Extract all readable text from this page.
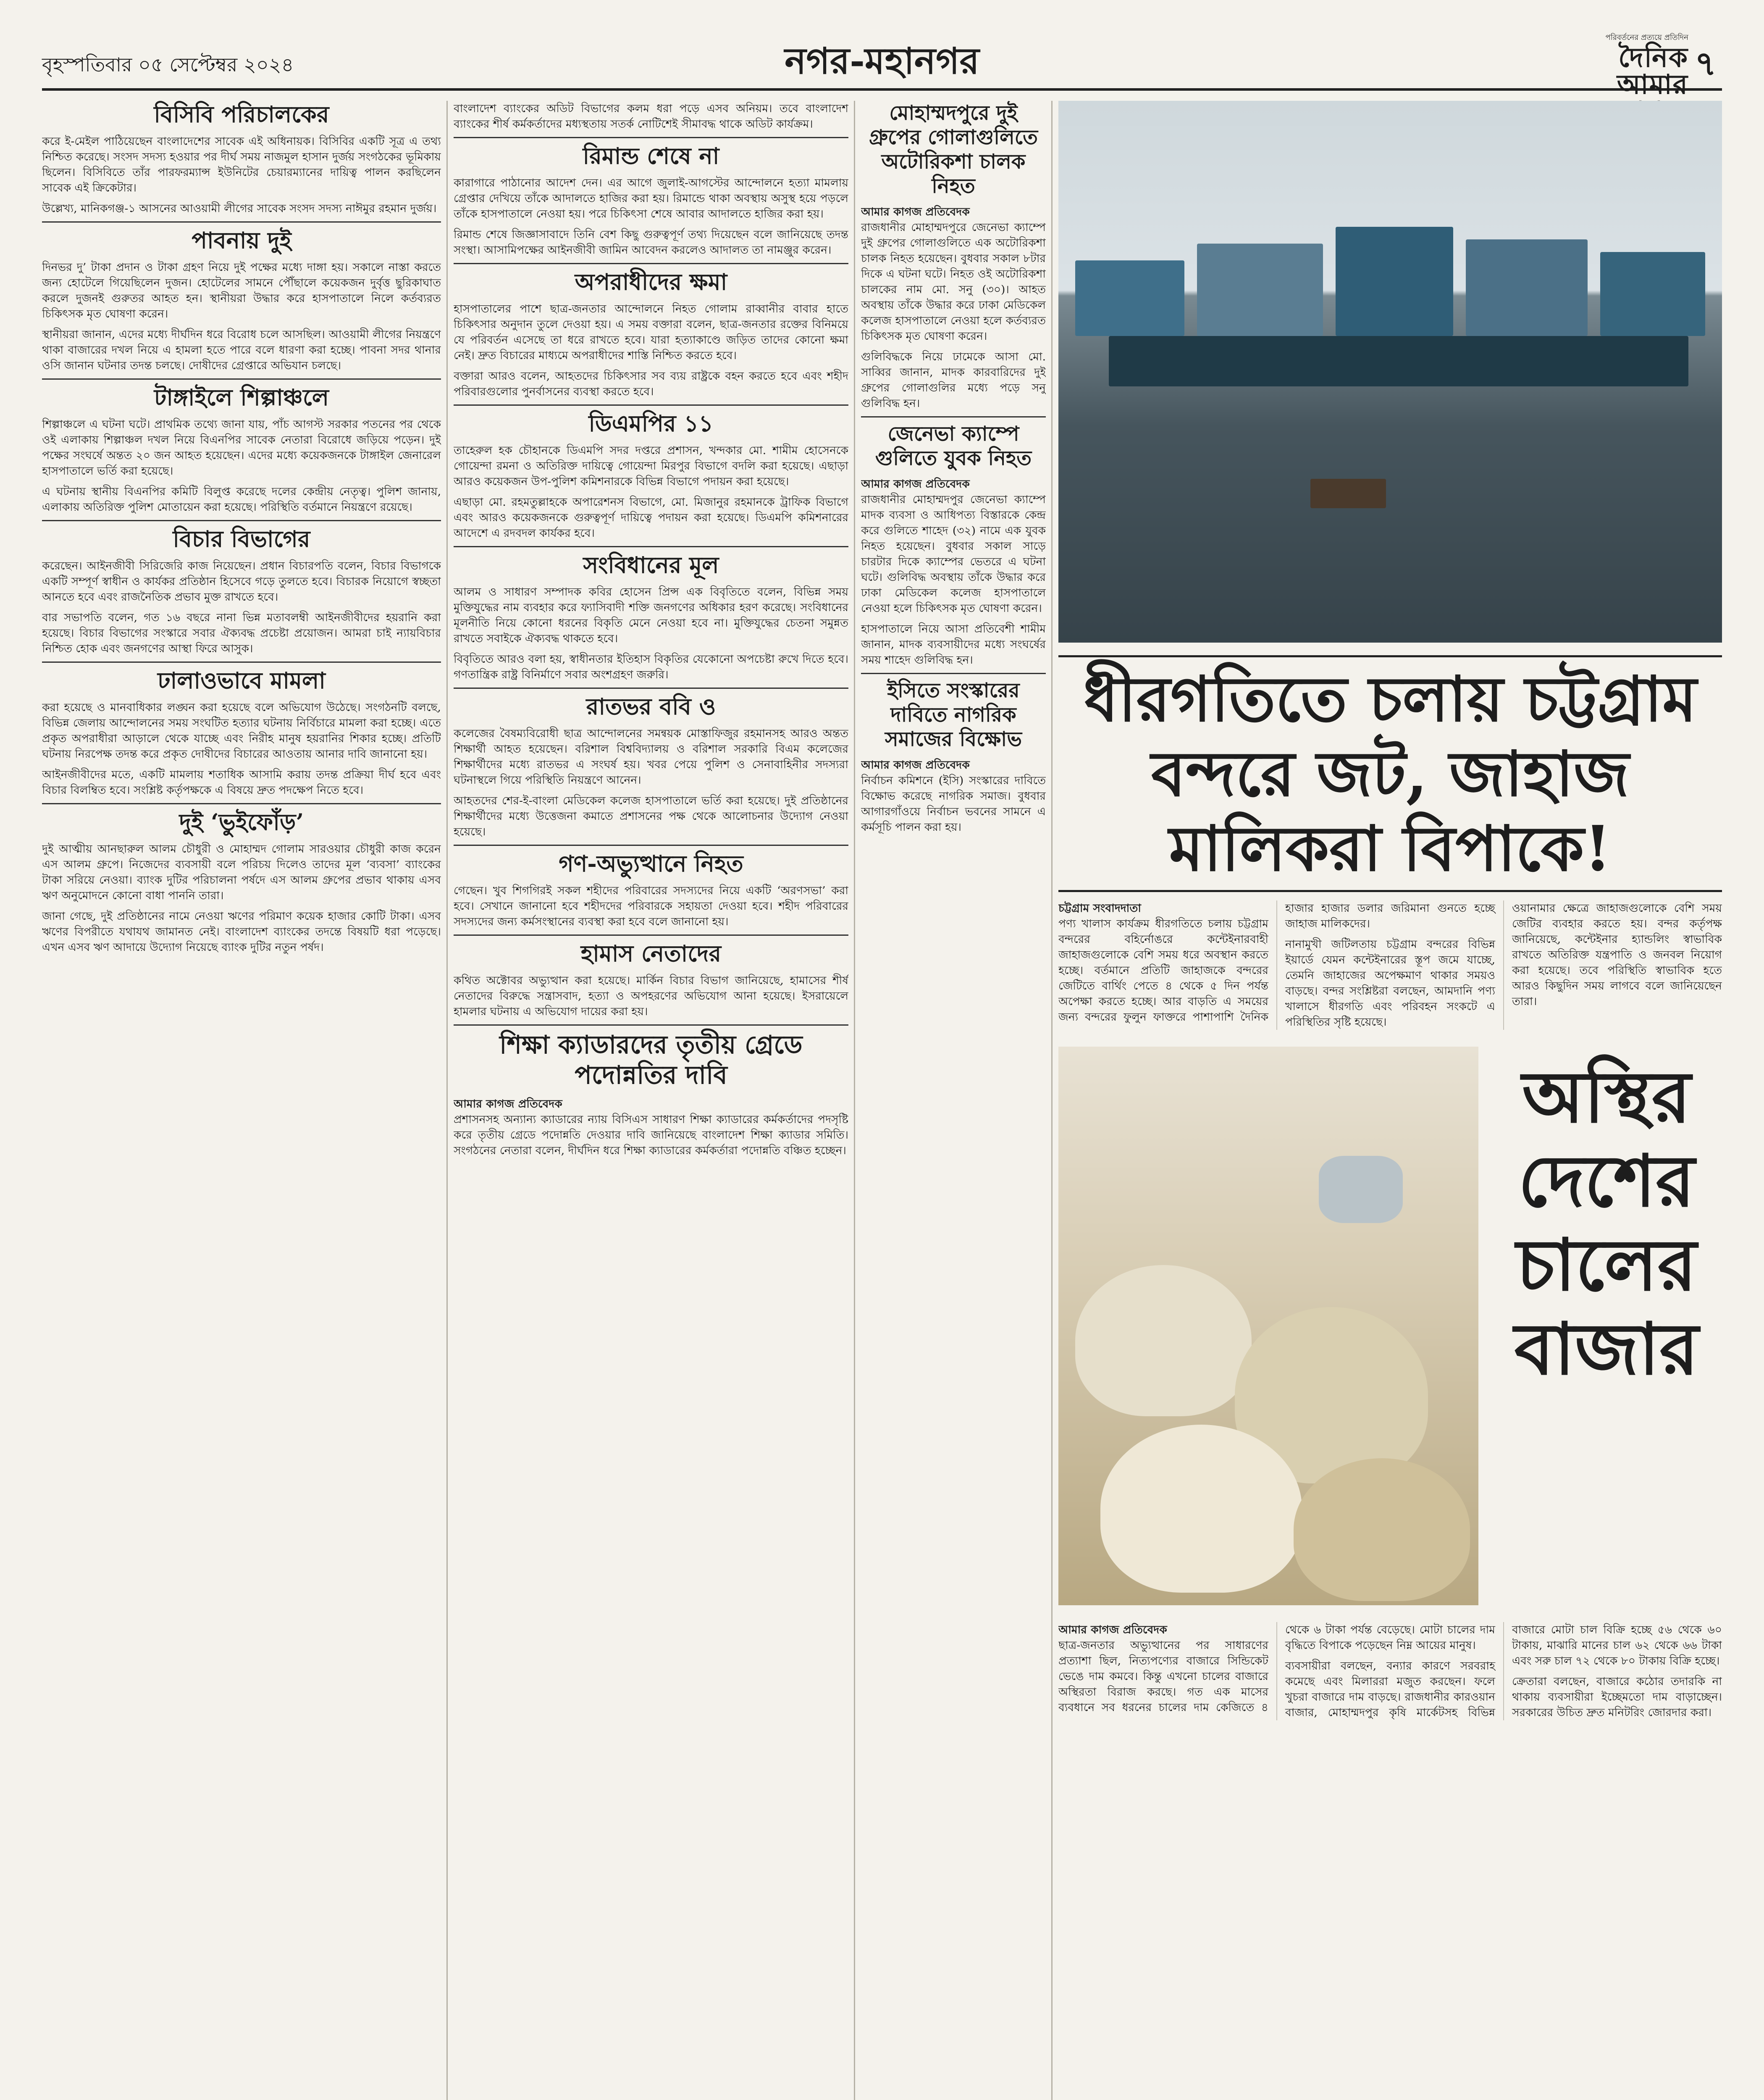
বৃহস্পতিবার ০৫ সেপ্টেম্বর ২০২৪	নগর-মহানগর
পরিবর্তনের প্রত্যয়ে প্রতিদিন
দৈনিক আমার
৭
বিসিবি পরিচালকের

করে ই-মেইল পাঠিয়েছেন বাংলাদেশের সাবেক এই অধিনায়ক। বিসিবির একটি সূত্র এ তথ্য নিশ্চিত করেছে। সংসদ সদস্য হওয়ার পর দীর্ঘ সময় নাজমুল হাসান দুর্জয় সংগঠকের ভূমিকায় ছিলেন। বিসিবিতে তাঁর পারফরম্যান্স ইউনিটের চেয়ারম্যানের দায়িত্ব পালন করছিলেন সাবেক এই ক্রিকেটার।

উল্লেখ্য, মানিকগঞ্জ-১ আসনের আওয়ামী লীগের সাবেক সংসদ সদস্য নাঈমুর রহমান দুর্জয়।

পাবনায় দুই

দিনভর দু’ টাকা প্রদান ও টাকা গ্রহণ নিয়ে দুই পক্ষের মধ্যে দাঙ্গা হয়। সকালে নাস্তা করতে জন্য হোটেলে গিয়েছিলেন দুজন। হোটেলের সামনে পৌঁছালে কয়েকজন দুর্বৃত্ত ছুরিকাঘাত করলে দুজনই গুরুতর আহত হন। স্থানীয়রা উদ্ধার করে হাসপাতালে নিলে কর্তব্যরত চিকিৎসক মৃত ঘোষণা করেন।

স্থানীয়রা জানান, এদের মধ্যে দীর্ঘদিন ধরে বিরোধ চলে আসছিল। আওয়ামী লীগের নিয়ন্ত্রণে থাকা বাজারের দখল নিয়ে এ হামলা হতে পারে বলে ধারণা করা হচ্ছে। পাবনা সদর থানার ওসি জানান ঘটনার তদন্ত চলছে। দোষীদের গ্রেপ্তারে অভিযান চলছে।

টাঙ্গাইলে শিল্পাঞ্চলে

শিল্পাঞ্চলে এ ঘটনা ঘটে। প্রাথমিক তথ্যে জানা যায়, পাঁচ আগস্ট সরকার পতনের পর থেকে ওই এলাকায় শিল্পাঞ্চল দখল নিয়ে বিএনপির সাবেক নেতারা বিরোধে জড়িয়ে পড়েন। দুই পক্ষের সংঘর্ষে অন্তত ২০ জন আহত হয়েছেন। এদের মধ্যে কয়েকজনকে টাঙ্গাইল জেনারেল হাসপাতালে ভর্তি করা হয়েছে।

এ ঘটনায় স্থানীয় বিএনপির কমিটি বিলুপ্ত করেছে দলের কেন্দ্রীয় নেতৃত্ব। পুলিশ জানায়, এলাকায় অতিরিক্ত পুলিশ মোতায়েন করা হয়েছে। পরিস্থিতি বর্তমানে নিয়ন্ত্রণে রয়েছে।

বিচার বিভাগের

করেছেন। আইনজীবী সিরিজেরি কাজ নিয়েছেন। প্রধান বিচারপতি বলেন, বিচার বিভাগকে একটি সম্পূর্ণ স্বাধীন ও কার্যকর প্রতিষ্ঠান হিসেবে গড়ে তুলতে হবে। বিচারক নিয়োগে স্বচ্ছতা আনতে হবে এবং রাজনৈতিক প্রভাব মুক্ত রাখতে হবে।

বার সভাপতি বলেন, গত ১৬ বছরে নানা ভিন্ন মতাবলম্বী আইনজীবীদের হয়রানি করা হয়েছে। বিচার বিভাগের সংস্কারে সবার ঐক্যবদ্ধ প্রচেষ্টা প্রয়োজন। আমরা চাই ন্যায়বিচার নিশ্চিত হোক এবং জনগণের আস্থা ফিরে আসুক।

ঢালাওভাবে মামলা

করা হয়েছে ও মানবাধিকার লঙ্ঘন করা হয়েছে বলে অভিযোগ উঠেছে। সংগঠনটি বলছে, বিভিন্ন জেলায় আন্দোলনের সময় সংঘটিত হত্যার ঘটনায় নির্বিচারে মামলা করা হচ্ছে। এতে প্রকৃত অপরাধীরা আড়ালে থেকে যাচ্ছে এবং নিরীহ মানুষ হয়রানির শিকার হচ্ছে। প্রতিটি ঘটনায় নিরপেক্ষ তদন্ত করে প্রকৃত দোষীদের বিচারের আওতায় আনার দাবি জানানো হয়।

আইনজীবীদের মতে, একটি মামলায় শতাধিক আসামি করায় তদন্ত প্রক্রিয়া দীর্ঘ হবে এবং বিচার বিলম্বিত হবে। সংশ্লিষ্ট কর্তৃপক্ষকে এ বিষয়ে দ্রুত পদক্ষেপ নিতে হবে।

দুই ‘ভুইফোঁড়’

দুই আত্মীয় আনছারুল আলম চৌধুরী ও মোহাম্মদ গোলাম সারওয়ার চৌধুরী কাজ করেন এস আলম গ্রুপে। নিজেদের ব্যবসায়ী বলে পরিচয় দিলেও তাদের মূল ‘ব্যবসা’ ব্যাংকের টাকা সরিয়ে নেওয়া। ব্যাংক দুটির পরিচালনা পর্ষদে এস আলম গ্রুপের প্রভাব থাকায় এসব ঋণ অনুমোদনে কোনো বাধা পাননি তারা।

জানা গেছে, দুই প্রতিষ্ঠানের নামে নেওয়া ঋণের পরিমাণ কয়েক হাজার কোটি টাকা। এসব ঋণের বিপরীতে যথাযথ জামানত নেই। বাংলাদেশ ব্যাংকের তদন্তে বিষয়টি ধরা পড়েছে। এখন এসব ঋণ আদায়ে উদ্যোগ নিয়েছে ব্যাংক দুটির নতুন পর্ষদ।

বাংলাদেশ ব্যাংকের অডিট বিভাগের কলম ধরা পড়ে এসব অনিয়ম। তবে বাংলাদেশ ব্যাংকের শীর্ষ কর্মকর্তাদের মধ্যস্থতায় সতর্ক নোটিশেই সীমাবদ্ধ থাকে অডিট কার্যক্রম।

রিমান্ড শেষে না

কারাগারে পাঠানোর আদেশ দেন। এর আগে জুলাই-আগস্টের আন্দোলনে হত্যা মামলায় গ্রেপ্তার দেখিয়ে তাঁকে আদালতে হাজির করা হয়। রিমান্ডে থাকা অবস্থায় অসুস্থ হয়ে পড়লে তাঁকে হাসপাতালে নেওয়া হয়। পরে চিকিৎসা শেষে আবার আদালতে হাজির করা হয়।

রিমান্ড শেষে জিজ্ঞাসাবাদে তিনি বেশ কিছু গুরুত্বপূর্ণ তথ্য দিয়েছেন বলে জানিয়েছে তদন্ত সংস্থা। আসামিপক্ষের আইনজীবী জামিন আবেদন করলেও আদালত তা নামঞ্জুর করেন।

অপরাধীদের ক্ষমা

হাসপাতালের পাশে ছাত্র-জনতার আন্দোলনে নিহত গোলাম রাব্বানীর বাবার হাতে চিকিৎসার অনুদান তুলে দেওয়া হয়। এ সময় বক্তারা বলেন, ছাত্র-জনতার রক্তের বিনিময়ে যে পরিবর্তন এসেছে তা ধরে রাখতে হবে। যারা হত্যাকাণ্ডে জড়িত তাদের কোনো ক্ষমা নেই। দ্রুত বিচারের মাধ্যমে অপরাধীদের শাস্তি নিশ্চিত করতে হবে।

বক্তারা আরও বলেন, আহতদের চিকিৎসার সব ব্যয় রাষ্ট্রকে বহন করতে হবে এবং শহীদ পরিবারগুলোর পুনর্বাসনের ব্যবস্থা করতে হবে।

ডিএমপির ১১

তাহেরুল হক চৌহানকে ডিএমপি সদর দপ্তরে প্রশাসন, খন্দকার মো. শামীম হোসেনকে গোয়েন্দা রমনা ও অতিরিক্ত দায়িত্বে গোয়েন্দা মিরপুর বিভাগে বদলি করা হয়েছে। এছাড়া আরও কয়েকজন উপ-পুলিশ কমিশনারকে বিভিন্ন বিভাগে পদায়ন করা হয়েছে।

এছাড়া মো. রহমতুল্লাহকে অপারেশনস বিভাগে, মো. মিজানুর রহমানকে ট্রাফিক বিভাগে এবং আরও কয়েকজনকে গুরুত্বপূর্ণ দায়িত্বে পদায়ন করা হয়েছে। ডিএমপি কমিশনারের আদেশে এ রদবদল কার্যকর হবে।

সংবিধানের মূল

আলম ও সাধারণ সম্পাদক কবির হোসেন প্রিন্স এক বিবৃতিতে বলেন, বিভিন্ন সময় মুক্তিযুদ্ধের নাম ব্যবহার করে ফ্যাসিবাদী শক্তি জনগণের অধিকার হরণ করেছে। সংবিধানের মূলনীতি নিয়ে কোনো ধরনের বিকৃতি মেনে নেওয়া হবে না। মুক্তিযুদ্ধের চেতনা সমুন্নত রাখতে সবাইকে ঐক্যবদ্ধ থাকতে হবে।

বিবৃতিতে আরও বলা হয়, স্বাধীনতার ইতিহাস বিকৃতির যেকোনো অপচেষ্টা রুখে দিতে হবে। গণতান্ত্রিক রাষ্ট্র বিনির্মাণে সবার অংশগ্রহণ জরুরি।

রাতভর ববি ও

কলেজের বৈষম্যবিরোধী ছাত্র আন্দোলনের সমন্বয়ক মোস্তাফিজুর রহমানসহ আরও অন্তত শিক্ষার্থী আহত হয়েছেন। বরিশাল বিশ্ববিদ্যালয় ও বরিশাল সরকারি বিএম কলেজের শিক্ষার্থীদের মধ্যে রাতভর এ সংঘর্ষ হয়। খবর পেয়ে পুলিশ ও সেনাবাহিনীর সদস্যরা ঘটনাস্থলে গিয়ে পরিস্থিতি নিয়ন্ত্রণে আনেন।

আহতদের শের-ই-বাংলা মেডিকেল কলেজ হাসপাতালে ভর্তি করা হয়েছে। দুই প্রতিষ্ঠানের শিক্ষার্থীদের মধ্যে উত্তেজনা কমাতে প্রশাসনের পক্ষ থেকে আলোচনার উদ্যোগ নেওয়া হয়েছে।

গণ-অভ্যুত্থানে নিহত

গেছেন। খুব শিগগিরই সকল শহীদের পরিবারের সদস্যদের নিয়ে একটি ‘অরণসভা’ করা হবে। সেখানে জানানো হবে শহীদদের পরিবারকে সহায়তা দেওয়া হবে। শহীদ পরিবারের সদস্যদের জন্য কর্মসংস্থানের ব্যবস্থা করা হবে বলে জানানো হয়।

হামাস নেতাদের

কথিত অক্টোবর অভ্যুত্থান করা হয়েছে। মার্কিন বিচার বিভাগ জানিয়েছে, হামাসের শীর্ষ নেতাদের বিরুদ্ধে সন্ত্রাসবাদ, হত্যা ও অপহরণের অভিযোগ আনা হয়েছে। ইসরায়েলে হামলার ঘটনায় এ অভিযোগ দায়ের করা হয়।

শিক্ষা ক্যাডারদের তৃতীয় গ্রেডে পদোন্নতির দাবি

আমার কাগজ প্রতিবেদক

প্রশাসনসহ অন্যান্য ক্যাডারের ন্যায় বিসিএস সাধারণ শিক্ষা ক্যাডারের কর্মকর্তাদের পদসৃষ্টি করে তৃতীয় গ্রেডে পদোন্নতি দেওয়ার দাবি জানিয়েছে বাংলাদেশ শিক্ষা ক্যাডার সমিতি। সংগঠনের নেতারা বলেন, দীর্ঘদিন ধরে শিক্ষা ক্যাডারের কর্মকর্তারা পদোন্নতি বঞ্চিত হচ্ছেন।

মোহাম্মদপুরে দুই গ্রুপের গোলাগুলিতে অটোরিকশা চালক নিহত

আমার কাগজ প্রতিবেদক

রাজধানীর মোহাম্মদপুরে জেনেভা ক্যাম্পে দুই গ্রুপের গোলাগুলিতে এক অটোরিকশা চালক নিহত হয়েছেন। বুধবার সকাল ৮টার দিকে এ ঘটনা ঘটে। নিহত ওই অটোরিকশা চালকের নাম মো. সনু (৩০)। আহত অবস্থায় তাঁকে উদ্ধার করে ঢাকা মেডিকেল কলেজ হাসপাতালে নেওয়া হলে কর্তব্যরত চিকিৎসক মৃত ঘোষণা করেন।

গুলিবিদ্ধকে নিয়ে ঢামেকে আসা মো. সাব্বির জানান, মাদক কারবারিদের দুই গ্রুপের গোলাগুলির মধ্যে পড়ে সনু গুলিবিদ্ধ হন।

জেনেভা ক্যাম্পে গুলিতে যুবক নিহত

আমার কাগজ প্রতিবেদক

রাজধানীর মোহাম্মদপুর জেনেভা ক্যাম্পে মাদক ব্যবসা ও আধিপত্য বিস্তারকে কেন্দ্র করে গুলিতে শাহেদ (৩২) নামে এক যুবক নিহত হয়েছেন। বুধবার সকাল সাড়ে চারটার দিকে ক্যাম্পের ভেতরে এ ঘটনা ঘটে। গুলিবিদ্ধ অবস্থায় তাঁকে উদ্ধার করে ঢাকা মেডিকেল কলেজ হাসপাতালে নেওয়া হলে চিকিৎসক মৃত ঘোষণা করেন।

হাসপাতালে নিয়ে আসা প্রতিবেশী শামীম জানান, মাদক ব্যবসায়ীদের মধ্যে সংঘর্ষের সময় শাহেদ গুলিবিদ্ধ হন।

ইসিতে সংস্কারের দাবিতে নাগরিক সমাজের বিক্ষোভ

আমার কাগজ প্রতিবেদক

নির্বাচন কমিশনে (ইসি) সংস্কারের দাবিতে বিক্ষোভ করেছে নাগরিক সমাজ। বুধবার আগারগাঁওয়ে নির্বাচন ভবনের সামনে এ কর্মসূচি পালন করা হয়।

ধীরগতিতে চলায় চট্টগ্রাম বন্দরে জট, জাহাজ মালিকরা বিপাকে!

চট্টগ্রাম সংবাদদাতা

পণ্য খালাস কার্যক্রম ধীরগতিতে চলায় চট্টগ্রাম বন্দরের বহির্নোঙরে কন্টেইনারবাহী জাহাজগুলোকে বেশি সময় ধরে অবস্থান করতে হচ্ছে। বর্তমানে প্রতিটি জাহাজকে বন্দরের জেটিতে বার্থিং পেতে ৪ থেকে ৫ দিন পর্যন্ত অপেক্ষা করতে হচ্ছে। আর বাড়তি এ সময়ের জন্য বন্দরের ফুলুন ফাক্তরে পাশাপাশি দৈনিক হাজার হাজার ডলার জরিমানা গুনতে হচ্ছে জাহাজ মালিকদের।

নানামুখী জটিলতায় চট্টগ্রাম বন্দরের বিভিন্ন ইয়ার্ডে যেমন কন্টেইনারের স্তূপ জমে যাচ্ছে, তেমনি জাহাজের অপেক্ষমাণ থাকার সময়ও বাড়ছে। বন্দর সংশ্লিষ্টরা বলছেন, আমদানি পণ্য খালাসে ধীরগতি এবং পরিবহন সংকটে এ পরিস্থিতির সৃষ্টি হয়েছে।

ওয়ানামার ক্ষেত্রে জাহাজগুলোকে বেশি সময় জেটির ব্যবহার করতে হয়। বন্দর কর্তৃপক্ষ জানিয়েছে, কন্টেইনার হ্যান্ডলিং স্বাভাবিক রাখতে অতিরিক্ত যন্ত্রপাতি ও জনবল নিয়োগ করা হয়েছে। তবে পরিস্থিতি স্বাভাবিক হতে আরও কিছুদিন সময় লাগবে বলে জানিয়েছেন তারা।

অস্থির দেশের চালের বাজার

আমার কাগজ প্রতিবেদক

ছাত্র-জনতার অভ্যুত্থানের পর সাধারণের প্রত্যাশা ছিল, নিত্যপণ্যের বাজারে সিন্ডিকেট ভেঙে দাম কমবে। কিন্তু এখনো চালের বাজারে অস্থিরতা বিরাজ করছে। গত এক মাসের ব্যবধানে সব ধরনের চালের দাম কেজিতে ৪ থেকে ৬ টাকা পর্যন্ত বেড়েছে। মোটা চালের দাম বৃদ্ধিতে বিপাকে পড়েছেন নিম্ন আয়ের মানুষ।

ব্যবসায়ীরা বলছেন, বন্যার কারণে সরবরাহ কমেছে এবং মিলাররা মজুত করছেন। ফলে খুচরা বাজারে দাম বাড়ছে। রাজধানীর কারওয়ান বাজার, মোহাম্মদপুর কৃষি মার্কেটসহ বিভিন্ন বাজারে মোটা চাল বিক্রি হচ্ছে ৫৬ থেকে ৬০ টাকায়, মাঝারি মানের চাল ৬২ থেকে ৬৬ টাকা এবং সরু চাল ৭২ থেকে ৮০ টাকায় বিক্রি হচ্ছে।

ক্রেতারা বলছেন, বাজারে কঠোর তদারকি না থাকায় ব্যবসায়ীরা ইচ্ছেমতো দাম বাড়াচ্ছেন। সরকারের উচিত দ্রুত মনিটরিং জোরদার করা।
